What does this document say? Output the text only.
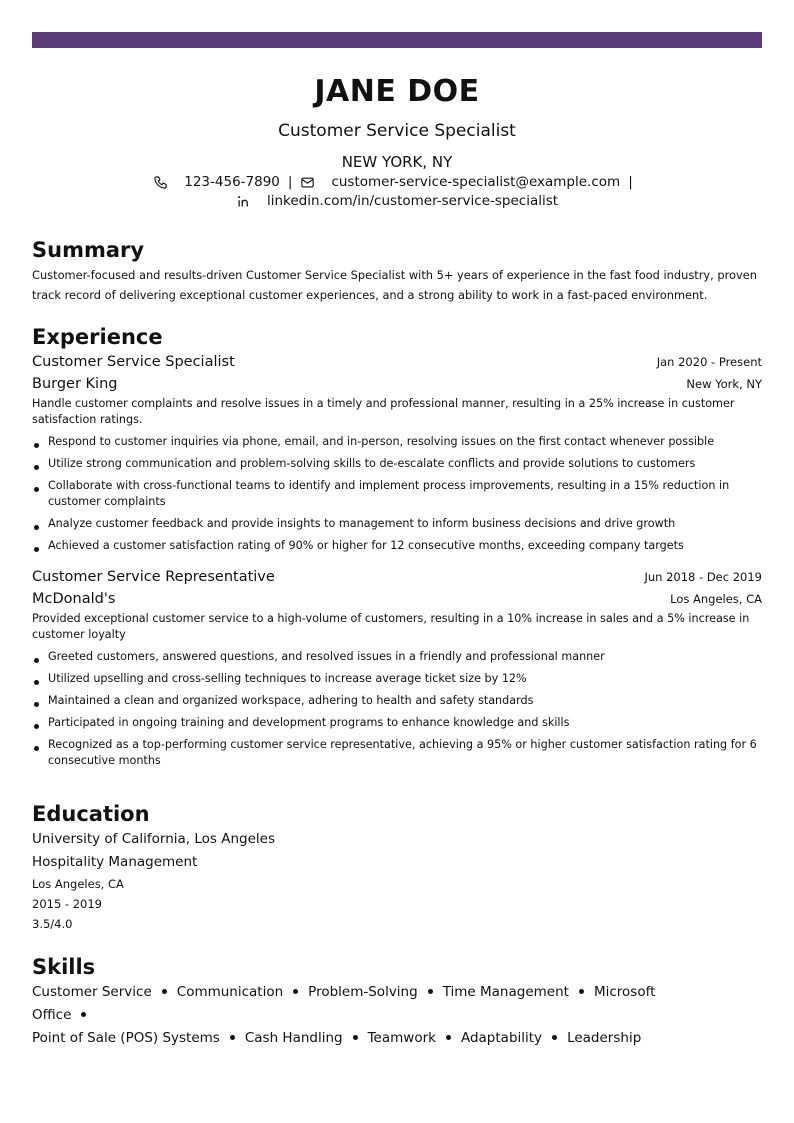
JANE DOE
Customer Service Specialist
NEW YORK, NY
123-456-7890 |	customer-service-specialist@example.com |
linkedin.com/in/customer-service-specialist
Summary
Customer-focused and results-driven Customer Service Specialist with 5+ years of experience in the fast food industry, proven track record of delivering exceptional customer experiences, and a strong ability to work in a fast-paced environment.
Experience
Customer Service Specialist	Jan 2020 - Present
Burger King	New York, NY
Handle customer complaints and resolve issues in a timely and professional manner, resulting in a 25% increase in customer satisfaction ratings.
Respond to customer inquiries via phone, email, and in-person, resolving issues on the first contact whenever possible
Utilize strong communication and problem-solving skills to de-escalate conflicts and provide solutions to customers
Collaborate with cross-functional teams to identify and implement process improvements, resulting in a 15% reduction in customer complaints
Analyze customer feedback and provide insights to management to inform business decisions and drive growth
Achieved a customer satisfaction rating of 90% or higher for 12 consecutive months, exceeding company targets
Customer Service Representative	Jun 2018 - Dec 2019
McDonald's	Los Angeles, CA
Provided exceptional customer service to a high-volume of customers, resulting in a 10% increase in sales and a 5% increase in customer loyalty
Greeted customers, answered questions, and resolved issues in a friendly and professional manner
Utilized upselling and cross-selling techniques to increase average ticket size by 12%
Maintained a clean and organized workspace, adhering to health and safety standards
Participated in ongoing training and development programs to enhance knowledge and skills
Recognized as a top-performing customer service representative, achieving a 95% or higher customer satisfaction rating for 6 consecutive months
Education
University of California, Los Angeles
Hospitality Management
Los Angeles, CA
2015 - 2019
3.5/4.0
Skills
Customer Service Communication Problem-Solving Time Management Microsoft Office
Point of Sale (POS) Systems Cash Handling Teamwork Adaptability Leadership
